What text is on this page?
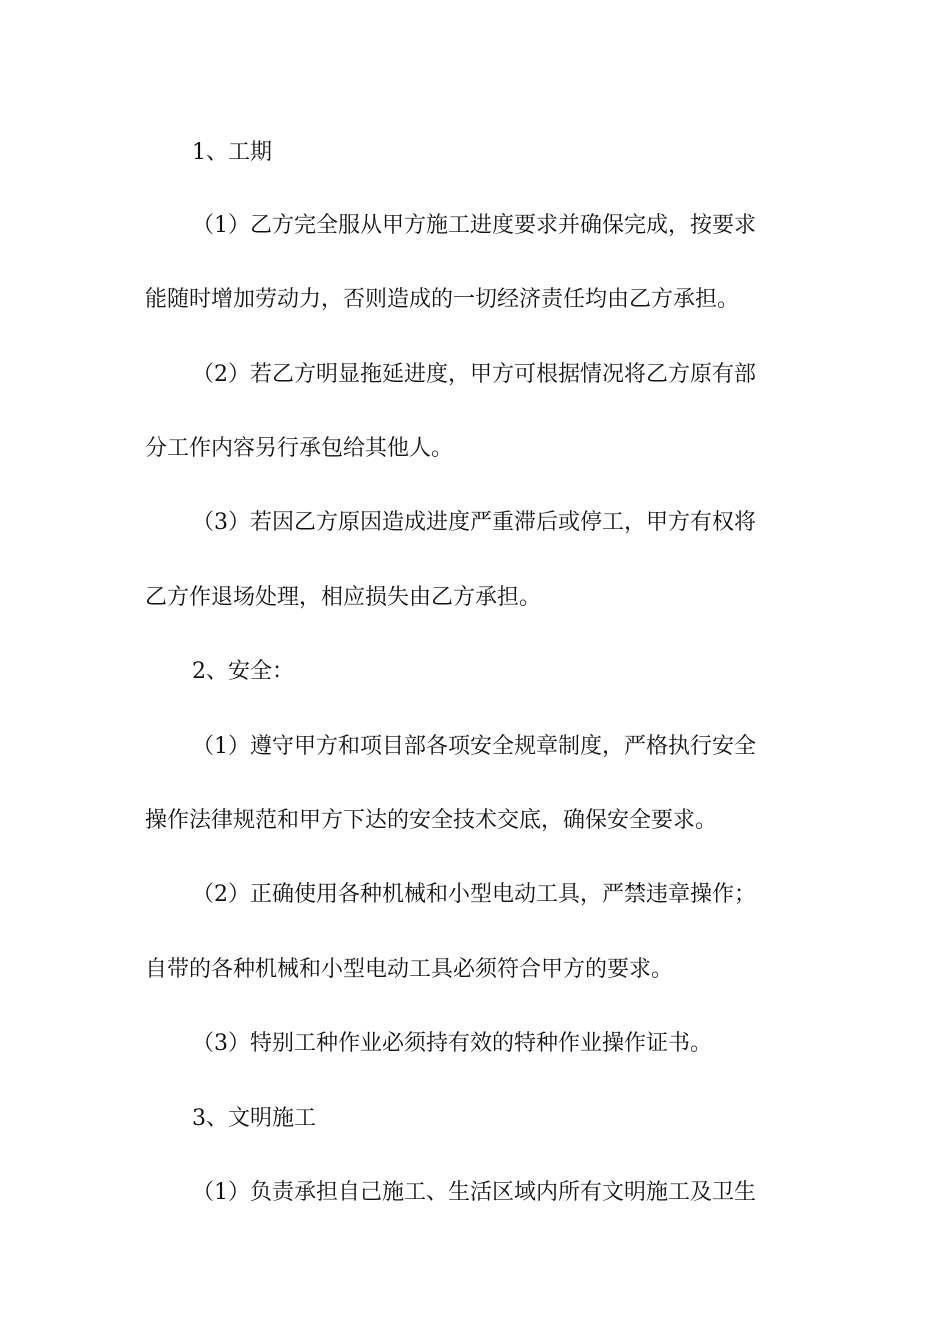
1、工期
（1）乙方完全服从甲方施工进度要求并确保完成，按要求
能随时增加劳动力，否则造成的一切经济责任均由乙方承担。
（2）若乙方明显拖延进度，甲方可根据情况将乙方原有部
分工作内容另行承包给其他人。
（3）若因乙方原因造成进度严重滞后或停工，甲方有权将
乙方作退场处理，相应损失由乙方承担。
2、安全：
（1）遵守甲方和项目部各项安全规章制度，严格执行安全
操作法律规范和甲方下达的安全技术交底，确保安全要求。
（2）正确使用各种机械和小型电动工具，严禁违章操作；
自带的各种机械和小型电动工具必须符合甲方的要求。
（3）特别工种作业必须持有效的特种作业操作证书。
3、文明施工
（1）负责承担自己施工、生活区域内所有文明施工及卫生
